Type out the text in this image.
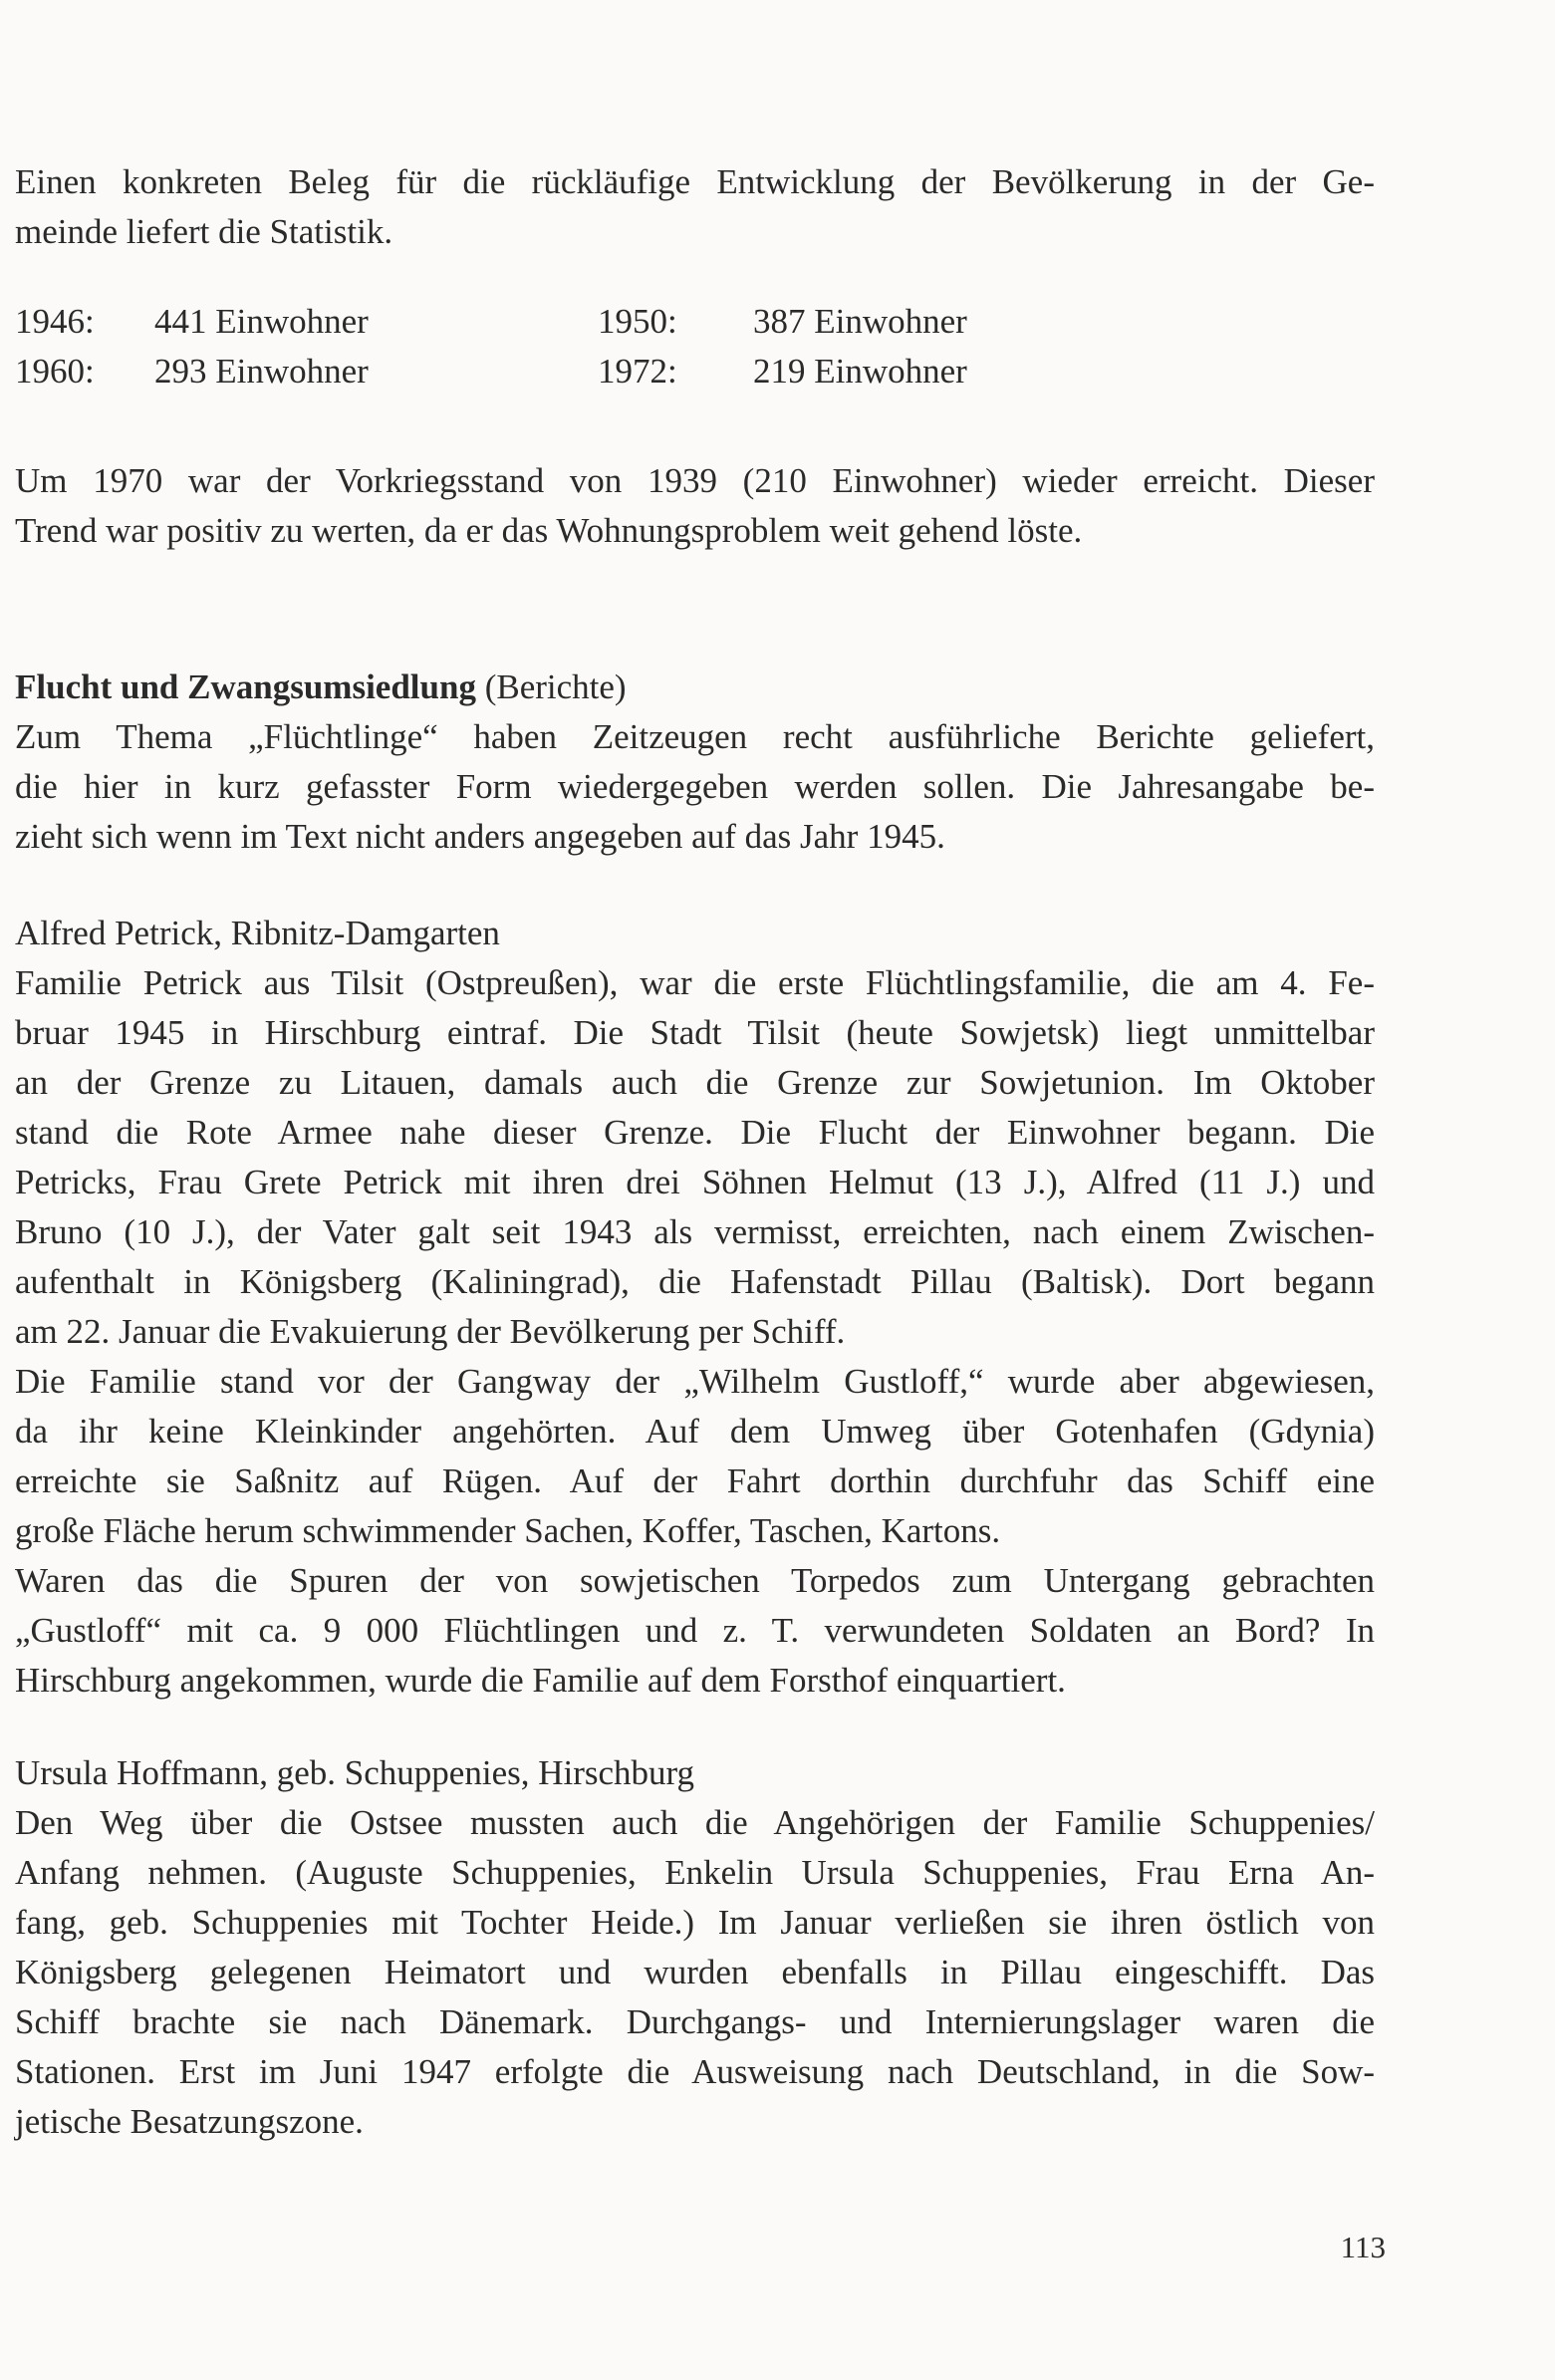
Einen konkreten Beleg für die rückläufige Entwicklung der Bevölkerung in der Ge-
meinde liefert die Statistik.
1946:	441 Einwohner	1950:	387 Einwohner
1960:	293 Einwohner	1972:	219 Einwohner
Um 1970 war der Vorkriegsstand von 1939 (210 Einwohner) wieder erreicht. Dieser
Trend war positiv zu werten, da er das Wohnungsproblem weit gehend löste.
Flucht und Zwangsumsiedlung (Berichte)
Zum Thema „Flüchtlinge“ haben Zeitzeugen recht ausführliche Berichte geliefert,
die hier in kurz gefasster Form wiedergegeben werden sollen. Die Jahresangabe be-
zieht sich wenn im Text nicht anders angegeben auf das Jahr 1945.
Alfred Petrick, Ribnitz-Damgarten
Familie Petrick aus Tilsit (Ostpreußen), war die erste Flüchtlingsfamilie, die am 4. Fe-
bruar 1945 in Hirschburg eintraf. Die Stadt Tilsit (heute Sowjetsk) liegt unmittelbar
an der Grenze zu Litauen, damals auch die Grenze zur Sowjetunion. Im Oktober
stand die Rote Armee nahe dieser Grenze. Die Flucht der Einwohner begann. Die
Petricks, Frau Grete Petrick mit ihren drei Söhnen Helmut (13 J.), Alfred (11 J.) und
Bruno (10 J.), der Vater galt seit 1943 als vermisst, erreichten, nach einem Zwischen-
aufenthalt in Königsberg (Kaliningrad), die Hafenstadt Pillau (Baltisk). Dort begann
am 22. Januar die Evakuierung der Bevölkerung per Schiff.
Die Familie stand vor der Gangway der „Wilhelm Gustloff,“ wurde aber abgewiesen,
da ihr keine Kleinkinder angehörten. Auf dem Umweg über Gotenhafen (Gdynia)
erreichte sie Saßnitz auf Rügen. Auf der Fahrt dorthin durchfuhr das Schiff eine
große Fläche herum schwimmender Sachen, Koffer, Taschen, Kartons.
Waren das die Spuren der von sowjetischen Torpedos zum Untergang gebrachten
„Gustloff“ mit ca. 9 000 Flüchtlingen und z. T. verwundeten Soldaten an Bord? In
Hirschburg angekommen, wurde die Familie auf dem Forsthof einquartiert.
Ursula Hoffmann, geb. Schuppenies, Hirschburg
Den Weg über die Ostsee mussten auch die Angehörigen der Familie Schuppenies/
Anfang nehmen. (Auguste Schuppenies, Enkelin Ursula Schuppenies, Frau Erna An-
fang, geb. Schuppenies mit Tochter Heide.) Im Januar verließen sie ihren östlich von
Königsberg gelegenen Heimatort und wurden ebenfalls in Pillau eingeschifft. Das
Schiff brachte sie nach Dänemark. Durchgangs- und Internierungslager waren die
Stationen. Erst im Juni 1947 erfolgte die Ausweisung nach Deutschland, in die Sow-
jetische Besatzungszone.
113
